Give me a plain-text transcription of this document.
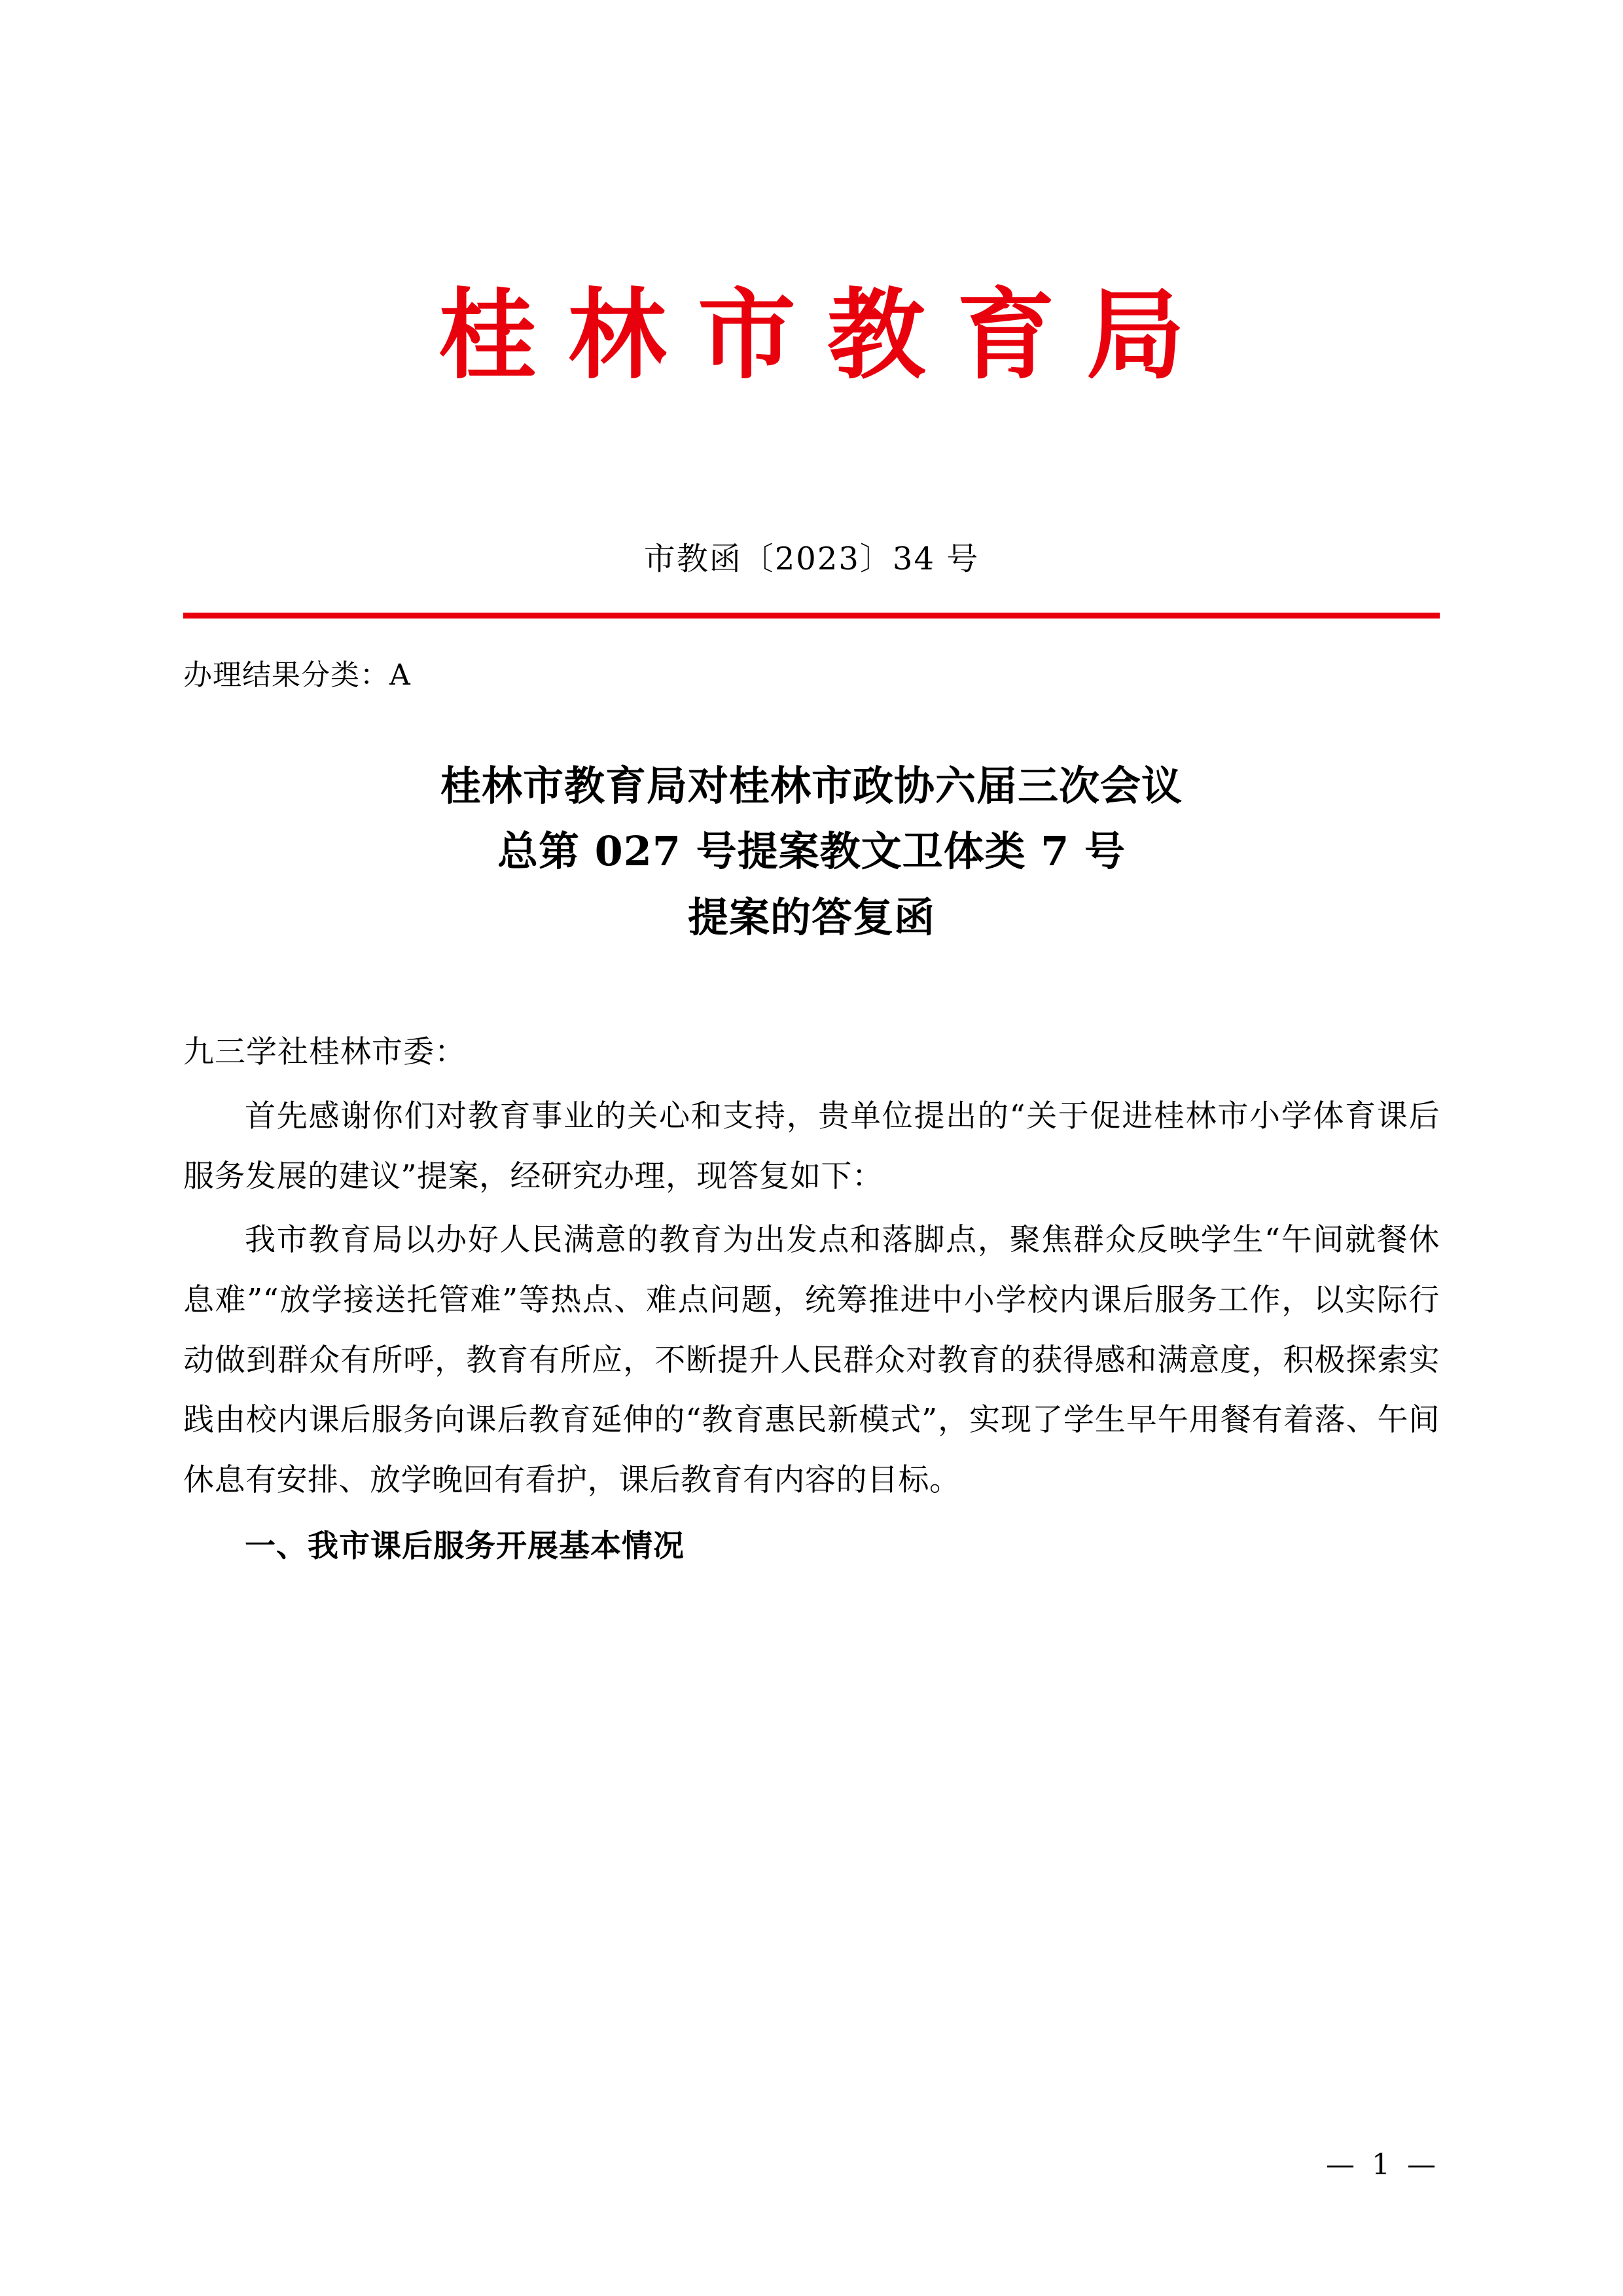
桂林市教育局
市教函〔2023〕34 号
办理结果分类：A
桂林市教育局对桂林市政协六届三次会议
总第 027 号提案教文卫体类 7 号
提案的答复函
九三学社桂林市委：
首先感谢你们对教育事业的关心和支持，贵单位提出的“关于促进桂林市小学体育课后服务发展的建议”提案，经研究办理，现答复如下：
我市教育局以办好人民满意的教育为出发点和落脚点，聚焦群众反映学生“午间就餐休息难”“放学接送托管难”等热点、难点问题，统筹推进中小学校内课后服务工作，以实际行动做到群众有所呼，教育有所应，不断提升人民群众对教育的获得感和满意度，积极探索实践由校内课后服务向课后教育延伸的“教育惠民新模式”，实现了学生早午用餐有着落、午间休息有安排、放学晚回有看护，课后教育有内容的目标。
一、我市课后服务开展基本情况
— 1 —
